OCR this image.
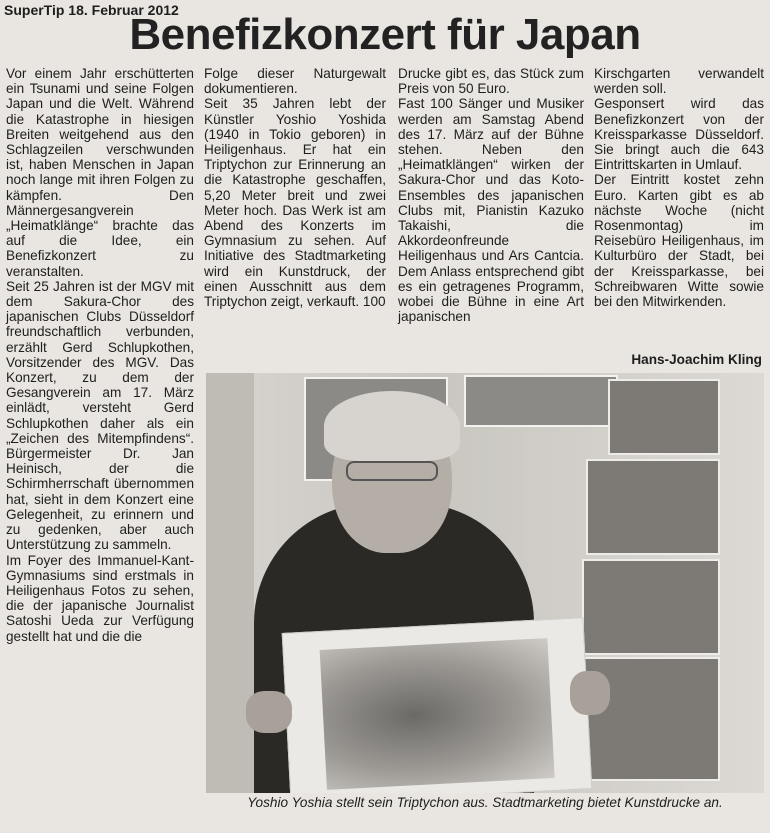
SuperTip 18. Februar 2012
Benefizkonzert für Japan

Vor einem Jahr erschütterten ein Tsunami und seine Folgen Japan und die Welt. Während die Katastrophe in hiesigen Breiten weitgehend aus den Schlagzeilen verschwunden ist, haben Menschen in Japan noch lange mit ihren Folgen zu kämpfen. Den Männergesangverein „Heimatklänge“ brachte das auf die Idee, ein Benefizkonzert zu veranstalten.

Seit 25 Jahren ist der MGV mit dem Sakura-Chor des japanischen Clubs Düsseldorf freundschaftlich verbunden, erzählt Gerd Schlupkothen, Vorsitzender des MGV. Das Konzert, zu dem der Gesangverein am 17. März einlädt, versteht Gerd Schlupkothen daher als ein „Zeichen des Mitempfindens“. Bürgermeister Dr. Jan Heinisch, der die Schirmherrschaft übernommen hat, sieht in dem Konzert eine Gelegenheit, zu erinnern und zu gedenken, aber auch Unterstützung zu sammeln.

Im Foyer des Immanuel-Kant-Gymnasiums sind erstmals in Heiligenhaus Fotos zu sehen, die der japanische Journalist Satoshi Ueda zur Verfügung gestellt hat und die die

Folge dieser Naturgewalt dokumentieren.

Seit 35 Jahren lebt der Künstler Yoshio Yoshida (1940 in Tokio geboren) in Heiligenhaus. Er hat ein Triptychon zur Erinnerung an die Katastrophe geschaffen, 5,20 Meter breit und zwei Meter hoch. Das Werk ist am Abend des Konzerts im Gymnasium zu sehen. Auf Initiative des Stadtmarketing wird ein Kunstdruck, der einen Ausschnitt aus dem Triptychon zeigt, verkauft. 100

Drucke gibt es, das Stück zum Preis von 50 Euro.

Fast 100 Sänger und Musiker werden am Samstag Abend des 17. März auf der Bühne stehen. Neben den „Heimatklängen“ wirken der Sakura-Chor und das Koto-Ensembles des japanischen Clubs mit, Pianistin Kazuko Takaishi, die Akkordeonfreunde Heiligenhaus und Ars Cantcia. Dem Anlass entsprechend gibt es ein getragenes Programm, wobei die Bühne in eine Art japanischen

Kirschgarten verwandelt werden soll.

Gesponsert wird das Benefizkonzert von der Kreissparkasse Düsseldorf. Sie bringt auch die 643 Eintrittskarten in Umlauf.

Der Eintritt kostet zehn Euro. Karten gibt es ab nächste Woche (nicht Rosenmontag) im Reisebüro Heiligenhaus, im Kulturbüro der Stadt, bei der Kreissparkasse, bei Schreibwaren Witte sowie bei den Mitwirkenden.

Hans-Joachim Kling
Yoshio Yoshia stellt sein Triptychon aus. Stadtmarketing bietet Kunstdrucke an.
